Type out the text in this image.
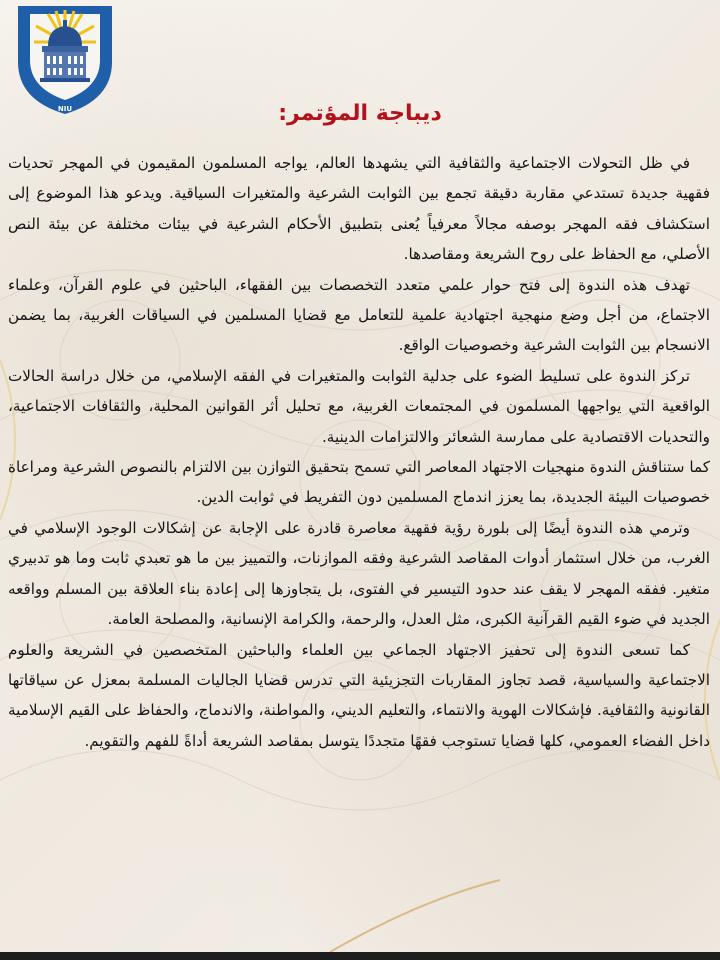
NIU	ديباجة المؤتمر:

في ظل التحولات الاجتماعية والثقافية التي يشهدها العالم، يواجه المسلمون المقيمون في المهجر تحديات فقهية جديدة تستدعي مقاربة دقيقة تجمع بين الثوابت الشرعية والمتغيرات السياقية. ويدعو هذا الموضوع إلى استكشاف فقه المهجر بوصفه مجالاً معرفياً يُعنى بتطبيق الأحكام الشرعية في بيئات مختلفة عن بيئة النص الأصلي، مع الحفاظ على روح الشريعة ومقاصدها.

تهدف هذه الندوة إلى فتح حوار علمي متعدد التخصصات بين الفقهاء، الباحثين في علوم القرآن، وعلماء الاجتماع، من أجل وضع منهجية اجتهادية علمية للتعامل مع قضايا المسلمين في السياقات الغربية، بما يضمن الانسجام بين الثوابت الشرعية وخصوصيات الواقع.

تركز الندوة على تسليط الضوء على جدلية الثوابت والمتغيرات في الفقه الإسلامي، من خلال دراسة الحالات الواقعية التي يواجهها المسلمون في المجتمعات الغربية، مع تحليل أثر القوانين المحلية، والثقافات الاجتماعية، والتحديات الاقتصادية على ممارسة الشعائر والالتزامات الدينية.

كما ستناقش الندوة منهجيات الاجتهاد المعاصر التي تسمح بتحقيق التوازن بين الالتزام بالنصوص الشرعية ومراعاة خصوصيات البيئة الجديدة، بما يعزز اندماج المسلمين دون التفريط في ثوابت الدين.

وترمي هذه الندوة أيضًا إلى بلورة رؤية فقهية معاصرة قادرة على الإجابة عن إشكالات الوجود الإسلامي في الغرب، من خلال استثمار أدوات المقاصد الشرعية وفقه الموازنات، والتمييز بين ما هو تعبدي ثابت وما هو تدبيري متغير. ففقه المهجر لا يقف عند حدود التيسير في الفتوى، بل يتجاوزها إلى إعادة بناء العلاقة بين المسلم وواقعه الجديد في ضوء القيم القرآنية الكبرى، مثل العدل، والرحمة، والكرامة الإنسانية، والمصلحة العامة.

كما تسعى الندوة إلى تحفيز الاجتهاد الجماعي بين العلماء والباحثين المتخصصين في الشريعة والعلوم الاجتماعية والسياسية، قصد تجاوز المقاربات التجزيئية التي تدرس قضايا الجاليات المسلمة بمعزل عن سياقاتها القانونية والثقافية. فإشكالات الهوية والانتماء، والتعليم الديني، والمواطنة، والاندماج، والحفاظ على القيم الإسلامية داخل الفضاء العمومي، كلها قضايا تستوجب فقهًا متجددًا يتوسل بمقاصد الشريعة أداةً للفهم والتقويم.
